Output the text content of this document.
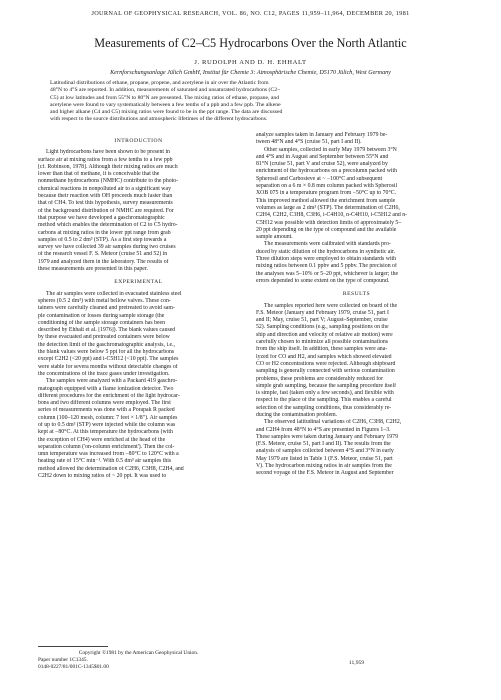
JOURNAL OF GEOPHYSICAL RESEARCH, VOL. 86, NO. C12, PAGES 11,959–11,964, DECEMBER 20, 1981
Measurements of C2–C5 Hydrocarbons Over the North Atlantic
J. RUDOLPH AND D. H. EHHALT
Kernforschungsanlage Jülich GmbH, Institut für Chemie 3: Atmosphärische Chemie, D5170 Jülich, West Germany
Latitudinal distributions of ethane, propane, propene, and acetylene in air over the Atlantic from
48°N to 4°S are reported. In addition, measurements of saturated and unsaturated hydrocarbons (C2–
C5) at low latitudes and from 55°N to 80°N are presented. The mixing ratios of ethane, propane, and
acetylene were found to vary systematically between a few tenths of a ppb and a few ppb. The alkene
and higher alkane (C4 and C5) mixing ratios were found to be in the ppt range. The data are discussed
with respect to the source distributions and atmospheric lifetimes of the different hydrocarbons.
INTRODUCTION
Light hydrocarbons have been shown to be present in
surface air at mixing ratios from a few tenths to a few ppb
[cf. Robinson, 1978]. Although their mixing ratios are much
lower than that of methane, it is conceivable that the
nonmethane hydrocarbons (NMHC) contribute to the photo-
chemical reactions in nonpolluted air to a significant way
because their reaction with OH proceeds much faster than
that of CH4. To test this hypothesis, survey measurements
of the background distribution of NMHC are required. For
that purpose we have developed a gaschromatographic
method which enables the determination of C2 to C5 hydro-
carbons at mixing ratios in the lower ppt range from grab
samples of 0.5 to 2 dm³ (STP). As a first step towards a
survey we have collected 39 air samples during two cruises
of the research vessel F. S. Meteor (cruise 51 and 52) in
1979 and analyzed them in the laboratory. The results of
these measurements are presented in this paper.
EXPERIMENTAL
The air samples were collected in evacuated stainless steel
spheres (0.5 2 dm³) with metal bellow valves. These con-
tainers were carefully cleaned and pretreated to avoid sam-
ple contamination or losses during sample storage (the
conditioning of the sample storage containers has been
described by Ehhalt et al. [1976]). The blank values caused
by these evacuated and pretreated containers were below
the detection limit of the gaschromatographic analysis, i.e.,
the blank values were below 5 ppt for all the hydrocarbons
except C2H2 (<20 ppt) and i-C5H12 (<10 ppt). The samples
were stable for severa months without detectable changes of
the concentrations of the trace gases under investigation.
The samples were analyzed with a Packard 419 gaschro-
matograph equipped with a flame ionization detector. Two
different procedures for the enrichment of the light hydrocar-
bons and two different columns were employed. The first
series of measurements was done with a Porapak R packed
column (100–120 mesh, column: 7 feet × 1/8"). Air samples
of up to 0.5 dm³ (STP) were injected while the column was
kept at −80°C. At this temperature the hydrocarbons (with
the exception of CH4) were enriched at the head of the
separation column ('on-column enrichment'). Then the col-
umn temperature was increased from −80°C to 120°C with a
heating rate of 15°C min⁻¹. With 0.5 dm³ air samples this
method allowed the determination of C2H6, C3H8, C2H4, and
C2H2 down to mixing ratios of ~ 20 ppt. It was used to
Copyright ©1981 by the American Geophysical Union.
Paper number 1C1345.
0148-0227/81/001C-1345$01.00
analyze samples taken in January and February 1979 be-
tween 48°N and 4°S (cruise 51, part I and II).
Other samples, collected in early May 1979 between 3°N
and 4°S and in August and September between 55°N and
81°N (cruise 51, part V and cruise 52), were analyzed by
enrichment of the hydrocarbons on a precolumn packed with
Spherosil and Carbosieve at ~ −100°C and subsequent
separation on a 6 m × 0.8 mm column packed with Spherosil
XOB 075 in a temperature program from −50°C up to 70°C.
This improved method allowed the enrichment from sample
volumes as large as 2 dm³ (STP). The determination of C2H6,
C2H4, C2H2, C3H8, C3H6, i-C4H10, n-C4H10, i-C5H12 and n-
C5H12 was possible with detection limits of approximately 5–
20 ppt depending on the type of compound and the available
sample amount.
The measurements were calibrated with standards pro-
duced by static dilution of the hydrocarbons in synthetic air.
Three dilution steps were employed to obtain standards with
mixing ratios between 0.1 ppbv and 5 ppbv. The precision of
the analyses was 5–10% or 5–20 ppt, whichever is larger; the
errors depended to some extent on the type of compound.
RESULTS
The samples reported here were collected on board of the
F.S. Meteor (January and February 1979, cruise 51, part I
and II; May, cruise 51, part V; August–September, cruise
52). Sampling conditions (e.g., sampling positions on the
ship and direction and velocity of relative air motion) were
carefully chosen to minimize all possible contaminations
from the ship itself. In addition, these samples were ana-
lyzed for CO and H2, and samples which showed elevated
CO or H2 concentrations were rejected. Although shipboard
sampling is generally connected with serious contamination
problems, these problems are considerably reduced for
simple grab sampling, because the sampling procedure itself
is simple, fast (taken only a few seconds), and flexible with
respect to the place of the sampling. This enables a careful
selection of the sampling conditions, thus considerably re-
ducing the contamination problem.
The observed latitudinal variations of C2H6, C3H8, C2H2,
and C2H4 from 48°N to 4°S are presented in Figures 1–3.
These samples were taken during January and February 1979
(F.S. Meteor, cruise 51, part I and II). The results from the
analysis of samples collected between 4°S and 3°N in early
May 1979 are listed in Table 1 (F.S. Meteor, cruise 51, part
V). The hydrocarbon mixing ratios in air samples from the
second voyage of the F.S. Meteor in August and September
11,959
